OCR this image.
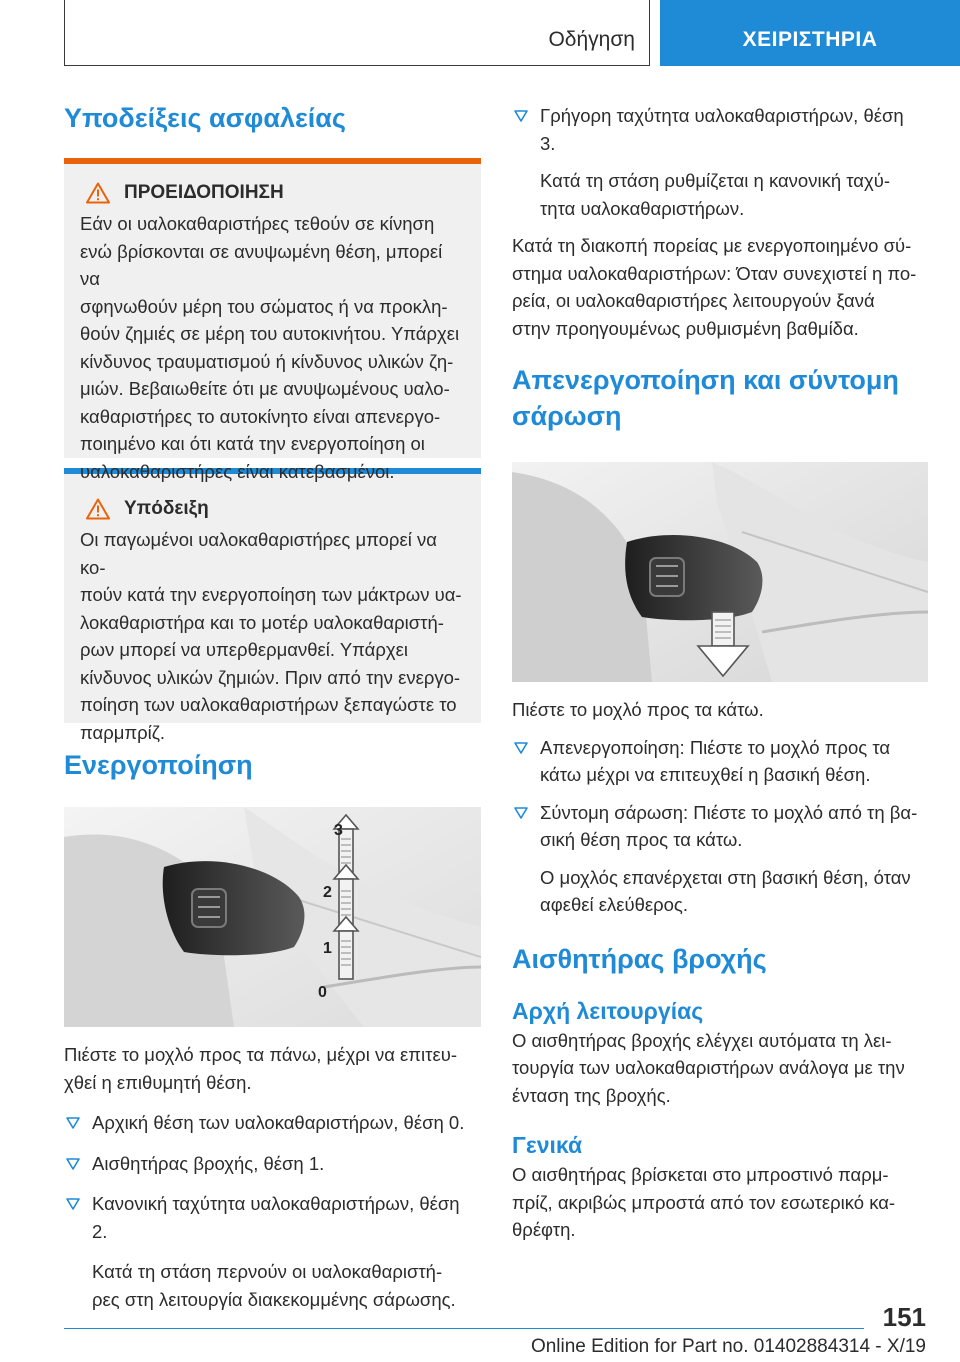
Οδήγηση	ΧΕΙΡΙΣΤΗΡΙΑ
Υποδείξεις ασφαλείας
ΠΡΟΕΙΔΟΠΟΙΗΣΗ

Εάν οι υαλοκαθαριστήρες τεθούν σε κίνηση

ενώ βρίσκονται σε ανυψωμένη θέση, μπορεί να

σφηνωθούν μέρη του σώματος ή να προκλη-

θούν ζημιές σε μέρη του αυτοκινήτου. Υπάρχει

κίνδυνος τραυματισμού ή κίνδυνος υλικών ζη-

μιών. Βεβαιωθείτε ότι με ανυψωμένους υαλο-

καθαριστήρες το αυτοκίνητο είναι απενεργο-

ποιημένο και ότι κατά την ενεργοποίηση οι

υαλοκαθαριστήρες είναι κατεβασμένοι.

Υπόδειξη

Οι παγωμένοι υαλοκαθαριστήρες μπορεί να κο-

πούν κατά την ενεργοποίηση των μάκτρων υα-

λοκαθαριστήρα και το μοτέρ υαλοκαθαριστή-

ρων μπορεί να υπερθερμανθεί. Υπάρχει

κίνδυνος υλικών ζημιών. Πριν από την ενεργο-

ποίηση των υαλοκαθαριστήρων ξεπαγώστε το

παρμπρίζ.

Ενεργοποίηση
3
2
1
0

Πιέστε το μοχλό προς τα πάνω, μέχρι να επιτευ-

χθεί η επιθυμητή θέση.

Αρχική θέση των υαλοκαθαριστήρων, θέση 0.

Αισθητήρας βροχής, θέση 1.

Κανονική ταχύτητα υαλοκαθαριστήρων, θέση

2.

Κατά τη στάση περνούν οι υαλοκαθαριστή-

ρες στη λειτουργία διακεκομμένης σάρωσης.

Γρήγορη ταχύτητα υαλοκαθαριστήρων, θέση

3.

Κατά τη στάση ρυθμίζεται η κανονική ταχύ-

τητα υαλοκαθαριστήρων.

Κατά τη διακοπή πορείας με ενεργοποιημένο σύ-

στημα υαλοκαθαριστήρων: Όταν συνεχιστεί η πο-

ρεία, οι υαλοκαθαριστήρες λειτουργούν ξανά

στην προηγουμένως ρυθμισμένη βαθμίδα.

Απενεργοποίηση και σύντομη
σάρωση

Πιέστε το μοχλό προς τα κάτω.

Απενεργοποίηση: Πιέστε το μοχλό προς τα

κάτω μέχρι να επιτευχθεί η βασική θέση.

Σύντομη σάρωση: Πιέστε το μοχλό από τη βα-

σική θέση προς τα κάτω.

Ο μοχλός επανέρχεται στη βασική θέση, όταν

αφεθεί ελεύθερος.

Αισθητήρας βροχής
Αρχή λειτουργίας

Ο αισθητήρας βροχής ελέγχει αυτόματα τη λει-

τουργία των υαλοκαθαριστήρων ανάλογα με την

ένταση της βροχής.

Γενικά

Ο αισθητήρας βρίσκεται στο μπροστινό παρμ-

πρίζ, ακριβώς μπροστά από τον εσωτερικό κα-

θρέφτη.

151
Online Edition for Part no. 01402884314 - X/19
